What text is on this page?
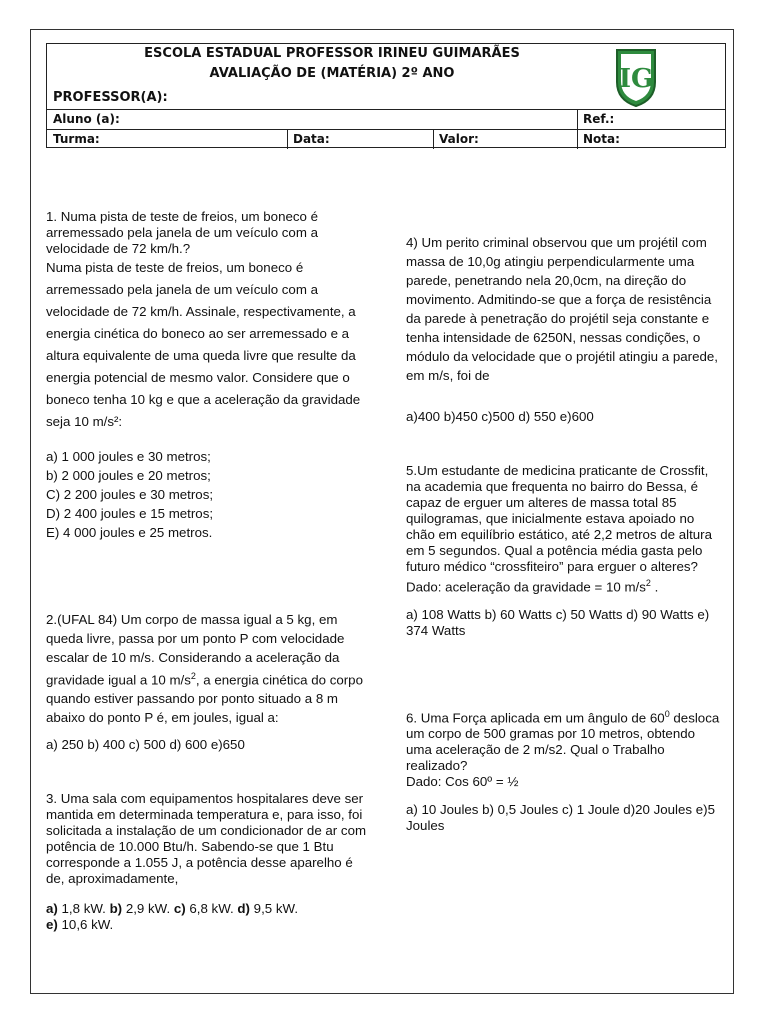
ESCOLA ESTADUAL PROFESSOR IRINEU GUIMARÃES
AVALIAÇÃO DE (MATÉRIA) 2º ANO
PROFESSOR(A):
IG
Aluno (a):	Ref.:
Turma:	Data:	Valor:	Nota:

1. Numa pista de teste de freios, um boneco é arremessado pela janela de um veículo com a velocidade de 72 km/h.?

Numa pista de teste de freios, um boneco é arremessado pela janela de um veículo com a velocidade de 72 km/h. Assinale, respectivamente, a energia cinética do boneco ao ser arremessado e a altura equivalente de uma queda livre que resulte da energia potencial de mesmo valor. Considere que o boneco tenha 10 kg e que a aceleração da gravidade seja 10 m/s²:

a) 1 000 joules e 30 metros;

b) 2 000 joules e 20 metros;

C) 2 200 joules e 30 metros;

D) 2 400 joules e 15 metros;

E) 4 000 joules e 25 metros.

2.(UFAL 84) Um corpo de massa igual a 5 kg, em queda livre, passa por um ponto P com velocidade escalar de 10 m/s. Considerando a aceleração da gravidade igual a 10 $m/s^2$, a energia cinética do corpo quando estiver passando por ponto situado a 8 m abaixo do ponto P é, em joules, igual a:

a) 250 b) 400 c) 500 d) 600 e)650

3. Uma sala com equipamentos hospitalares deve ser mantida em determinada temperatura e, para isso, foi solicitada a instalação de um condicionador de ar com potência de 10.000 Btu/h. Sabendo-se que 1 Btu corresponde a 1.055 J, a potência desse aparelho é de, aproximadamente,

a) 1,8 kW. b) 2,9 kW. c) 6,8 kW. d) 9,5 kW.
e) 10,6 kW.

4) Um perito criminal observou que um projétil com massa de 10,0g atingiu perpendicularmente uma parede, penetrando nela 20,0cm, na direção do movimento. Admitindo-se que a força de resistência da parede à penetração do projétil seja constante e tenha intensidade de 6250N, nessas condições, o módulo da velocidade que o projétil atingiu a parede, em m/s, foi de

a)400 b)450 c)500 d) 550 e)600

5.Um estudante de medicina praticante de Crossfit, na academia que frequenta no bairro do Bessa, é capaz de erguer um alteres de massa total 85 quilogramas, que inicialmente estava apoiado no chão em equilíbrio estático, até 2,2 metros de altura em 5 segundos. Qual a potência média gasta pelo futuro médico “crossfiteiro” para erguer o alteres? Dado: aceleração da gravidade = 10 $m/s^2$ .

a) 108 Watts b) 60 Watts c) 50 Watts d) 90 Watts e) 374 Watts

6. Uma Força aplicada em um ângulo de $60^0$ desloca um corpo de 500 gramas por 10 metros, obtendo uma aceleração de 2 m/s2. Qual o Trabalho realizado?

Dado: Cos 60º = ½

a) 10 Joules b) 0,5 Joules c) 1 Joule d)20 Joules e)5 Joules
